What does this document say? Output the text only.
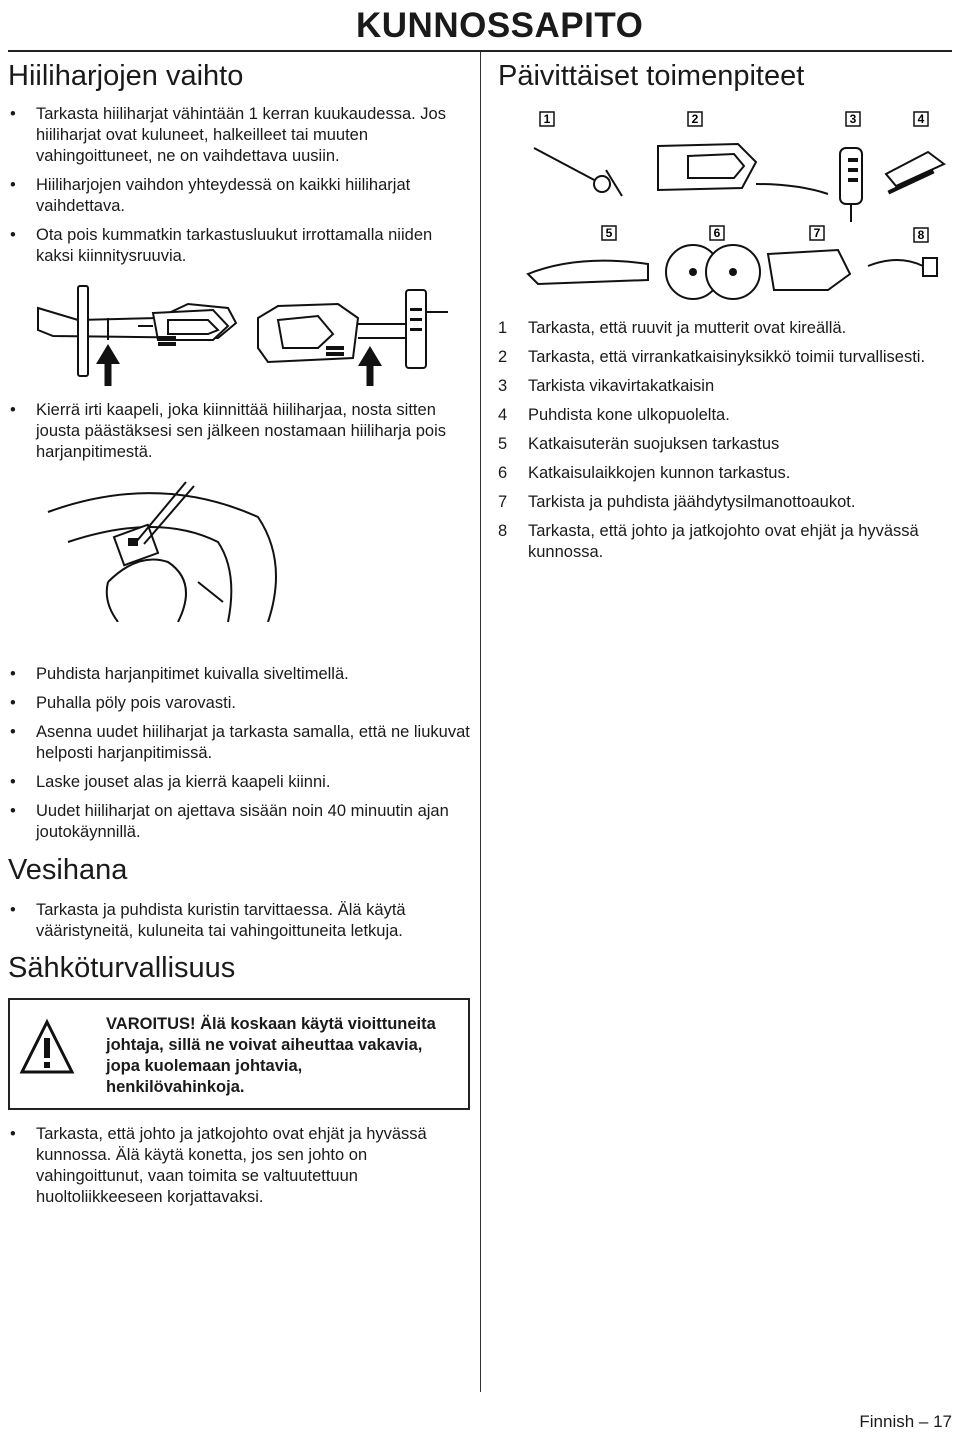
KUNNOSSAPITO
Hiiliharjojen vaihto
• Tarkasta hiiliharjat vähintään 1 kerran kuukaudessa. Jos hiiliharjat ovat kuluneet, halkeilleet tai muuten vahingoittuneet, ne on vaihdettava uusiin.
• Hiiliharjojen vaihdon yhteydessä on kaikki hiiliharjat vaihdettava.
• Ota pois kummatkin tarkastusluukut irrottamalla niiden kaksi kiinnitysruuvia.
• Kierrä irti kaapeli, joka kiinnittää hiiliharjaa, nosta sitten jousta päästäksesi sen jälkeen nostamaan hiiliharja pois harjanpitimestä.
• Puhdista harjanpitimet kuivalla siveltimellä.
• Puhalla pöly pois varovasti.
• Asenna uudet hiiliharjat ja tarkasta samalla, että ne liukuvat helposti harjanpitimissä.
• Laske jouset alas ja kierrä kaapeli kiinni.
• Uudet hiiliharjat on ajettava sisään noin 40 minuutin ajan joutokäynnillä.
Vesihana
• Tarkasta ja puhdista kuristin tarvittaessa. Älä käytä vääristyneitä, kuluneita tai vahingoittuneita letkuja.
Sähköturvallisuus
VAROITUS! Älä koskaan käytä vioittuneita johtaja, sillä ne voivat aiheuttaa vakavia, jopa kuolemaan johtavia, henkilövahinkoja.
• Tarkasta, että johto ja jatkojohto ovat ehjät ja hyvässä kunnossa. Älä käytä konetta, jos sen johto on vahingoittunut, vaan toimita se valtuutettuun huoltoliikkeeseen korjattavaksi.
Päivittäiset toimenpiteet
1	2	3	4
5	6	7	8
1 Tarkasta, että ruuvit ja mutterit ovat kireällä.
2 Tarkasta, että virrankatkaisinyksikkö toimii turvallisesti.
3 Tarkista vikavirtakatkaisin
4 Puhdista kone ulkopuolelta.
5 Katkaisuterän suojuksen tarkastus
6 Katkaisulaikkojen kunnon tarkastus.
7 Tarkista ja puhdista jäähdytysilmanottoaukot.
8 Tarkasta, että johto ja jatkojohto ovat ehjät ja hyvässä kunnossa.
Finnish – 17
